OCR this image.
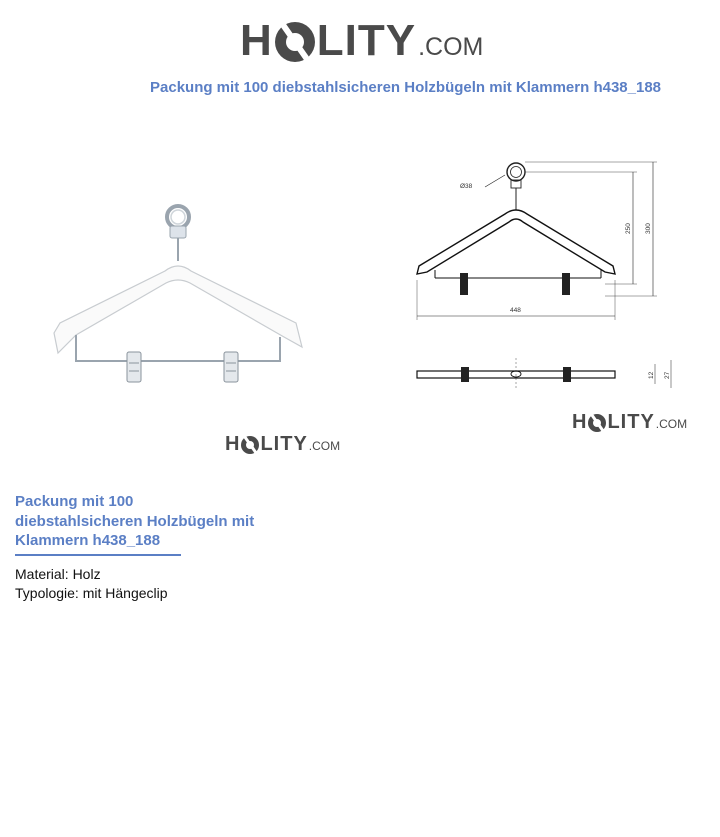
H LITY .COM
Packung mit 100 diebstahlsicheren Holzbügeln mit Klammern h438_188
Ø38
250 300
448
12 27
H LITY .COM
H LITY .COM
Packung mit 100
diebstahlsicheren Holzbügeln mit
Klammern h438_188
Material: Holz
Typologie: mit Hängeclip
